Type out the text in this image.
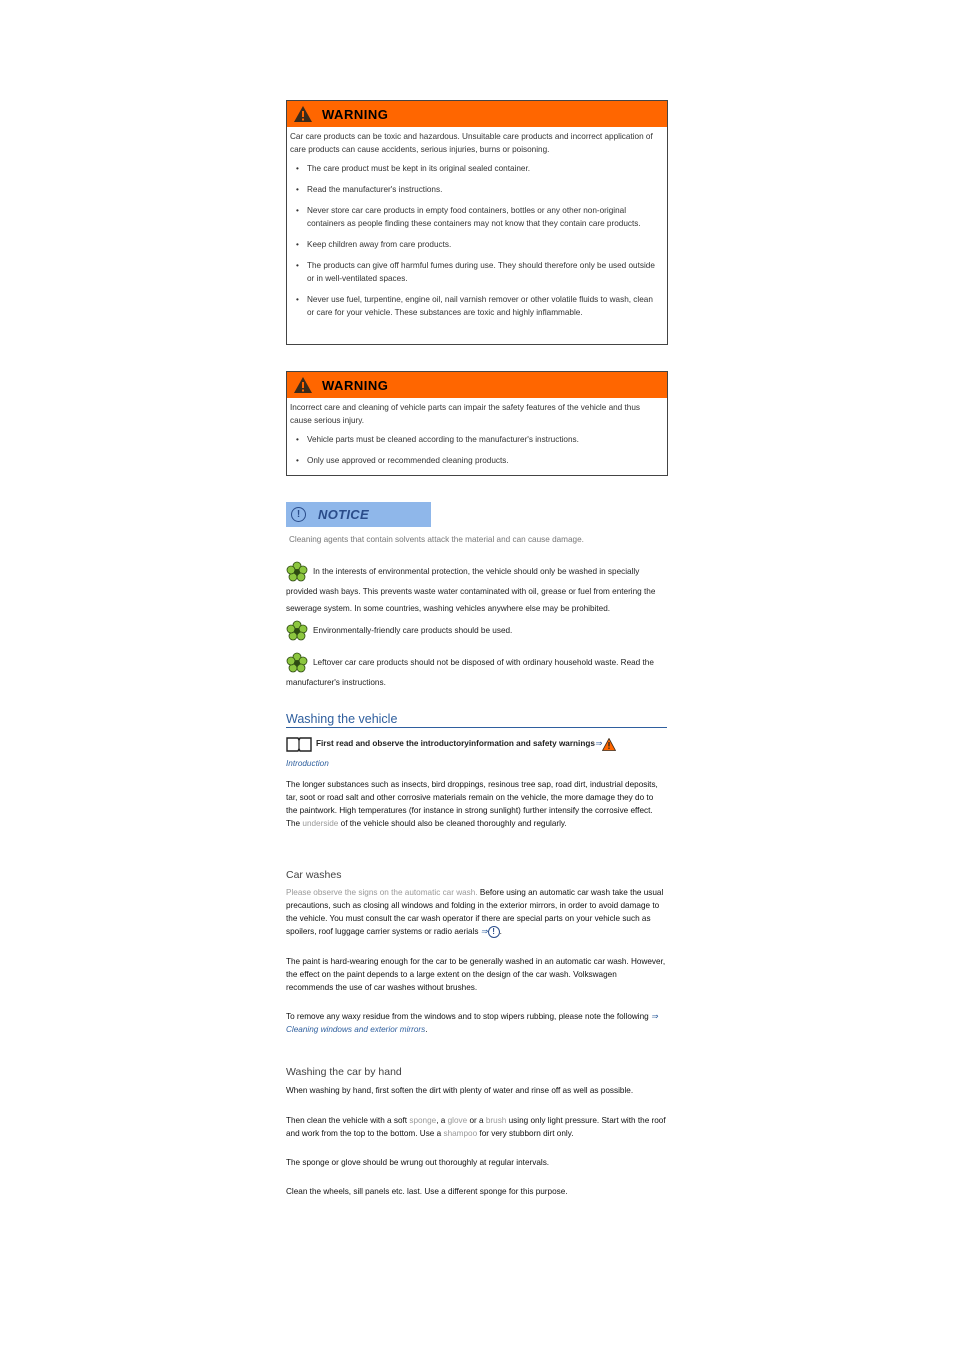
WARNING

Car care products can be toxic and hazardous. Unsuitable care products and incorrect application of care products can cause accidents, serious injuries, burns or poisoning.

• The care product must be kept in its original sealed container.
• Read the manufacturer's instructions.
• Never store car care products in empty food containers, bottles or any other non-original containers as people finding these containers may not know that they contain care products.
• Keep children away from care products.
• The products can give off harmful fumes during use. They should therefore only be used outside or in well-ventilated spaces.
• Never use fuel, turpentine, engine oil, nail varnish remover or other volatile fluids to wash, clean or care for your vehicle. These substances are toxic and highly inflammable.
WARNING

Incorrect care and cleaning of vehicle parts can impair the safety features of the vehicle and thus cause serious injury.

• Vehicle parts must be cleaned according to the manufacturer's instructions.
• Only use approved or recommended cleaning products.
!	NOTICE
Cleaning agents that contain solvents attack the material and can cause damage.
In the interests of environmental protection, the vehicle should only be washed in specially provided wash bays. This prevents waste water contaminated with oil, grease or fuel from entering the sewerage system. In some countries, washing vehicles anywhere else may be prohibited.
Environmentally-friendly care products should be used.
Leftover car care products should not be disposed of with ordinary household waste. Read the manufacturer's instructions.
Washing the vehicle
First read and observe the introductoryinformation and safety warnings⇒
Introduction
The longer substances such as insects, bird droppings, resinous tree sap, road dirt, industrial deposits, tar, soot or road salt and other corrosive materials remain on the vehicle, the more damage they do to the paintwork. High temperatures (for instance in strong sunlight) further intensify the corrosive effect. The underside of the vehicle should also be cleaned thoroughly and regularly.
Car washes
Please observe the signs on the automatic car wash. Before using an automatic car wash take the usual precautions, such as closing all windows and folding in the exterior mirrors, in order to avoid damage to the vehicle. You must consult the car wash operator if there are special parts on your vehicle such as spoilers, roof luggage carrier systems or radio aerials ⇒ ! .
The paint is hard-wearing enough for the car to be generally washed in an automatic car wash. However, the effect on the paint depends to a large extent on the design of the car wash. Volkswagen recommends the use of car washes without brushes.
To remove any waxy residue from the windows and to stop wipers rubbing, please note the following ⇒ Cleaning windows and exterior mirrors.
Washing the car by hand
When washing by hand, first soften the dirt with plenty of water and rinse off as well as possible.
Then clean the vehicle with a soft sponge, a glove or a brush using only light pressure. Start with the roof and work from the top to the bottom. Use a shampoo for very stubborn dirt only.
The sponge or glove should be wrung out thoroughly at regular intervals.
Clean the wheels, sill panels etc. last. Use a different sponge for this purpose.
